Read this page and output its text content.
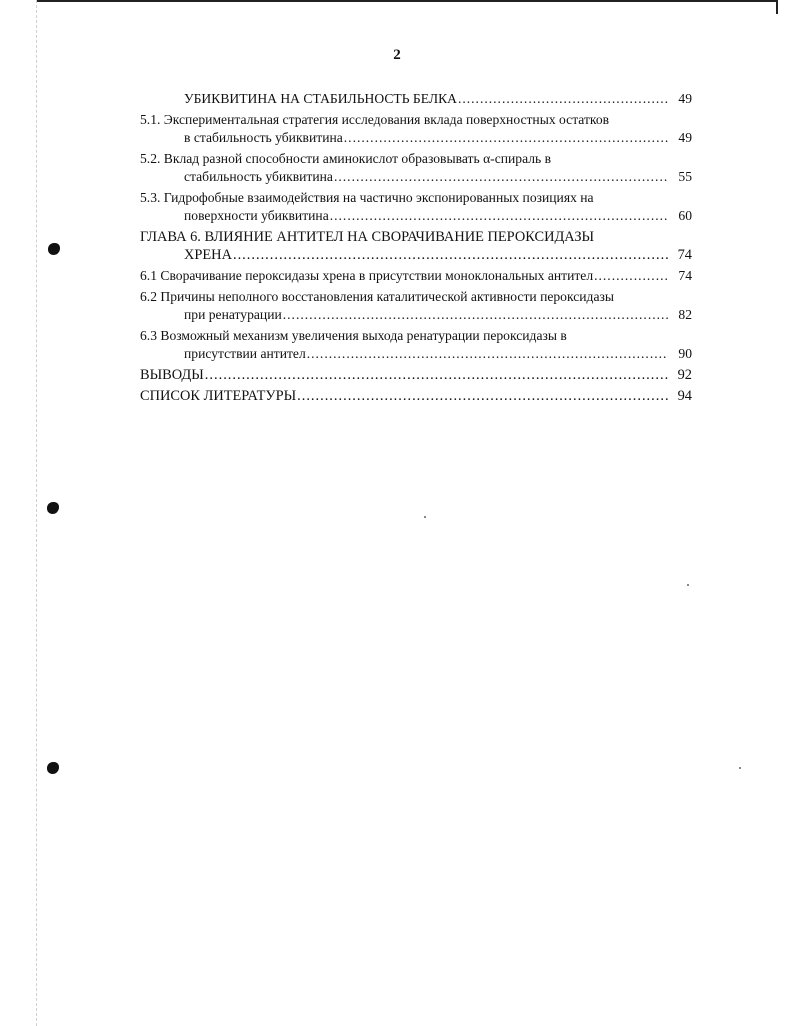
2
УБИКВИТИНА НА СТАБИЛЬНОСТЬ БЕЛКА .....	49
5.1. Экспериментальная стратегия исследования вклада поверхностных остатков
в стабильность убиквитина .....	49
5.2. Вклад разной способности аминокислот образовывать α-спираль в
стабильность убиквитина .....	55
5.3. Гидрофобные взаимодействия на частично экспонированных позициях на
поверхности убиквитина .....	60
ГЛАВА 6. ВЛИЯНИЕ АНТИТЕЛ НА СВОРАЧИВАНИЕ ПЕРОКСИДАЗЫ
ХРЕНА .....	74
6.1 Сворачивание пероксидазы хрена в присутствии моноклональных антител .....	74
6.2 Причины неполного восстановления каталитической активности пероксидазы
при ренатурации .....	82
6.3 Возможный механизм увеличения выхода ренатурации пероксидазы в
присутствии антител .....	90
ВЫВОДЫ .....	92
СПИСОК ЛИТЕРАТУРЫ .....	94
